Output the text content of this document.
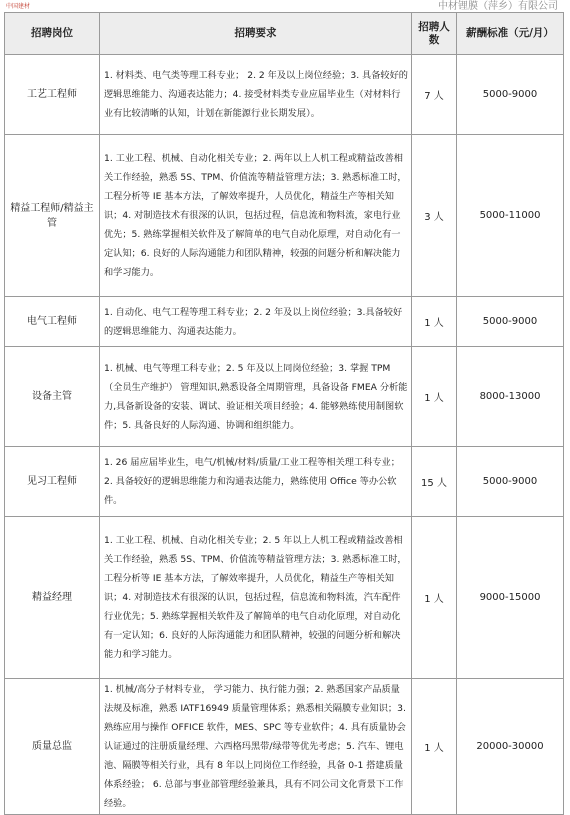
中国建材	中材锂膜（萍乡）有限公司
招聘岗位	招聘要求	招聘人数	薪酬标准（元/月）
工艺工程师	1. 材料类、电气类等理工科专业； 2. 2 年及以上岗位经验；3. 具备较好的逻辑思维能力、沟通表达能力；4. 接受材料类专业应届毕业生（对材料行业有比较清晰的认知，计划在新能源行业长期发展）。	7 人	5000-9000
精益工程师/精益主管	1. 工业工程、机械、自动化相关专业；2. 两年以上人机工程或精益改善相关工作经验，熟悉 5S、TPM、价值流等精益管理方法；3. 熟悉标准工时，工程分析等 IE 基本方法，了解效率提升，人员优化，精益生产等相关知识；4. 对制造技术有很深的认识，包括过程，信息流和物料流，家电行业优先；5. 熟练掌握相关软件及了解简单的电气自动化原理，对自动化有一定认知；6. 良好的人际沟通能力和团队精神，较强的问题分析和解决能力和学习能力。	3 人	5000-11000
电气工程师	1. 自动化、电气工程等理工科专业；2. 2 年及以上岗位经验；3.具备较好的逻辑思维能力、沟通表达能力。	1 人	5000-9000
设备主管	1. 机械、电气等理工科专业；2. 5 年及以上同岗位经验；3. 掌握 TPM（全员生产维护） 管理知识,熟悉设备全周期管理，具备设备 FMEA 分析能力,具备新设备的安装、调试、验证相关项目经验；4. 能够熟练使用制图软件；5. 具备良好的人际沟通、协调和组织能力。	1 人	8000-13000
见习工程师	1. 26 届应届毕业生，电气/机械/材料/质量/工业工程等相关理工科专业； 2. 具备较好的逻辑思维能力和沟通表达能力，熟练使用 Office 等办公软件。	15 人	5000-9000
精益经理	1. 工业工程、机械、自动化相关专业；2. 5 年以上人机工程或精益改善相关工作经验，熟悉 5S、TPM、价值流等精益管理方法；3. 熟悉标准工时，工程分析等 IE 基本方法，了解效率提升，人员优化，精益生产等相关知识；4. 对制造技术有很深的认识，包括过程，信息流和物料流，汽车配件行业优先；5. 熟练掌握相关软件及了解简单的电气自动化原理，对自动化有一定认知；6. 良好的人际沟通能力和团队精神，较强的问题分析和解决能力和学习能力。	1 人	9000-15000
质量总监	1. 机械/高分子材料专业， 学习能力、执行能力强；2. 熟悉国家产品质量法规及标准，熟悉 IATF16949 质量管理体系；熟悉相关隔膜专业知识；3. 熟练应用与操作 OFFICE 软件，MES、SPC 等专业软件；4. 具有质量协会认证通过的注册质量经理、六西格玛黑带/绿带等优先考虑；5. 汽车、锂电池、隔膜等相关行业，具有 8 年以上同岗位工作经验，具备 0-1 搭建质量体系经验； 6. 总部与事业部管理经验兼具，具有不同公司文化背景下工作经验。	1 人	20000-30000
